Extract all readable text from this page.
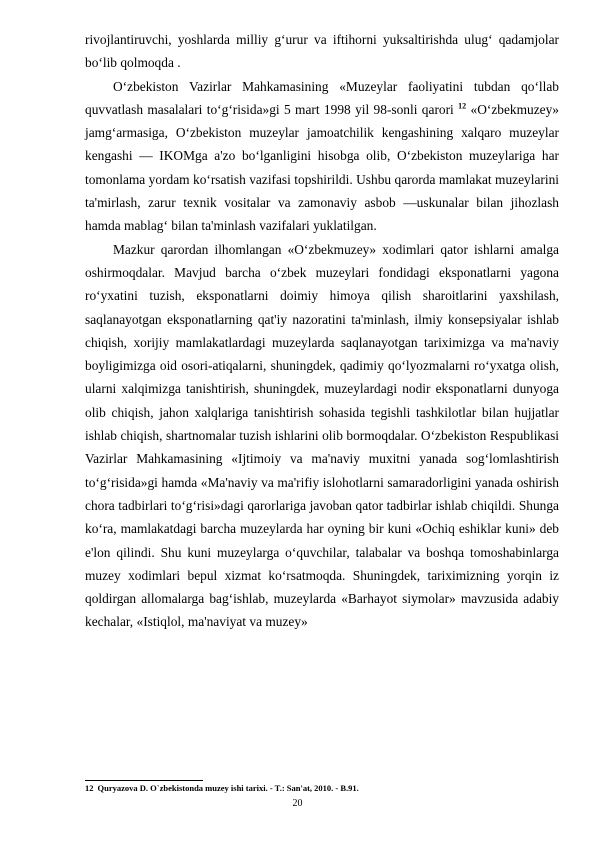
rivojlantiruvchi, yoshlarda milliy g‘urur va iftihorni yuksaltirishda ulug‘ qadamjolar bo‘lib qolmoqda .

O‘zbekiston Vazirlar Mahkamasining «Muzeylar faoliyatini tubdan qo‘llab quvvatlash masalalari to‘g‘risida»gi 5 mart 1998 yil 98-sonli qarori $^{12}$ «O‘zbekmuzey» jamg‘armasiga, O‘zbekiston muzeylar jamoatchilik kengashining xalqaro muzeylar kengashi — IKOMga a'zo bo‘lganligini hisobga olib, O‘zbekiston muzeylariga har tomonlama yordam ko‘rsatish vazifasi topshirildi. Ushbu qarorda mamlakat muzeylarini ta'mirlash, zarur texnik vositalar va zamonaviy asbob —uskunalar bilan jihozlash hamda mablag‘ bilan ta'minlash vazifalari yuklatilgan.

Mazkur qarordan ilhomlangan «O‘zbekmuzey» xodimlari qator ishlarni amalga oshirmoqdalar. Mavjud barcha o‘zbek muzeylari fondidagi eksponatlarni yagona ro‘yxatini tuzish, eksponatlarni doimiy himoya qilish sharoitlarini yaxshilash, saqlanayotgan eksponatlarning qat'iy nazoratini ta'minlash, ilmiy konsepsiyalar ishlab chiqish, xorijiy mamlakatlardagi muzeylarda saqlanayotgan tariximizga va ma'naviy boyligimizga oid osori-atiqalarni, shuningdek, qadimiy qo‘lyozmalarni ro‘yxatga olish, ularni xalqimizga tanishtirish, shuningdek, muzeylardagi nodir eksponatlarni dunyoga olib chiqish, jahon xalqlariga tanishtirish sohasida tegishli tashkilotlar bilan hujjatlar ishlab chiqish, shartnomalar tuzish ishlarini olib bormoqdalar. O‘zbekiston Respublikasi Vazirlar Mahkamasining «Ijtimoiy va ma'naviy muxitni yanada sog‘lomlashtirish to‘g‘risida»gi hamda «Ma'naviy va ma'rifiy islohotlarni samaradorligini yanada oshirish chora tadbirlari to‘g‘risi»dagi qarorlariga javoban qator tadbirlar ishlab chiqildi. Shunga ko‘ra, mamlakatdagi barcha muzeylarda har oyning bir kuni «Ochiq eshiklar kuni» deb e'lon qilindi. Shu kuni muzeylarga o‘quvchilar, talabalar va boshqa tomoshabinlarga muzey xodimlari bepul xizmat ko‘rsatmoqda. Shuningdek, tariximizning yorqin iz qoldirgan allomalarga bag‘ishlab, muzeylarda «Barhayot siymolar» mavzusida adabiy kechalar, «Istiqlol, ma'naviyat va muzey»

12 Quryazova D. O`zbekistonda muzey ishi tarixi. - T.: San'at, 2010. - B.91.

20
